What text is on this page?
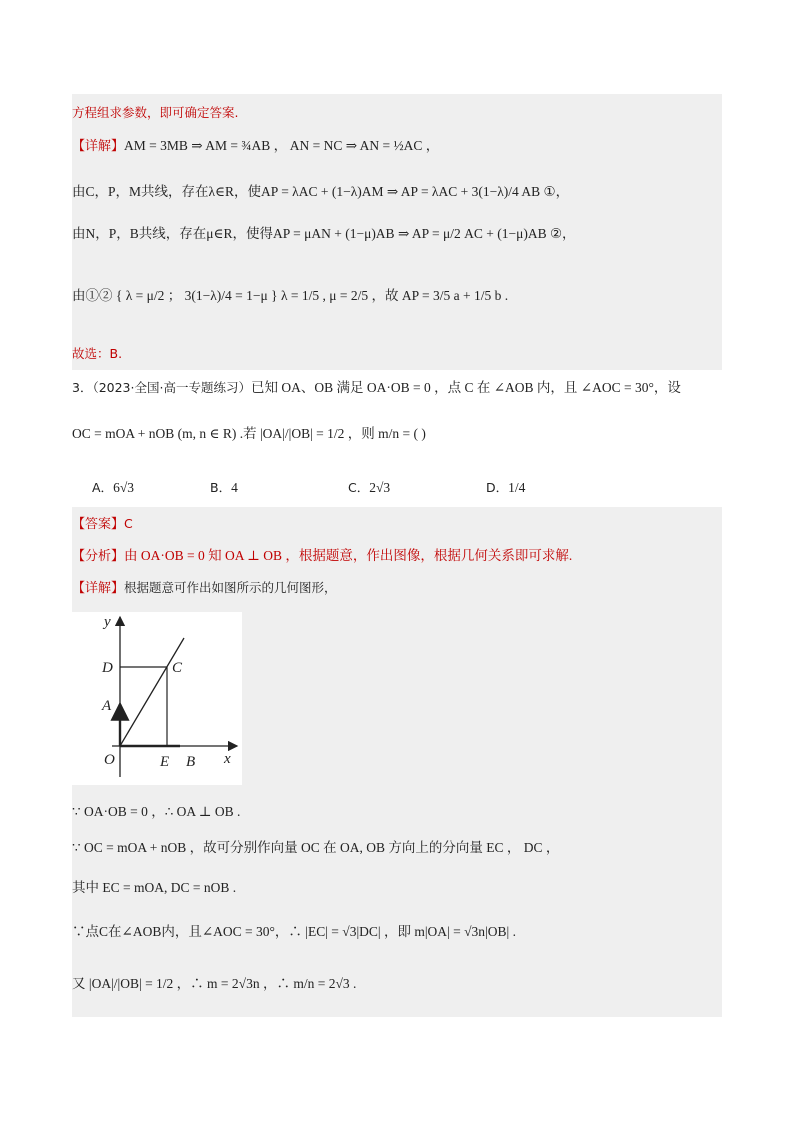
方程组求参数，即可确定答案.
【详解】AM = 3MB ⇒ AM = ¾AB ， AN = NC ⇒ AN = ½AC ，
由C，P，M共线，存在λ∈R，使AP = λAC + (1−λ)AM ⇒ AP = λAC + 3(1−λ)/4 AB ①，
由N，P，B共线，存在μ∈R，使得AP = μAN + (1−μ)AB ⇒ AP = μ/2 AC + (1−μ)AB ②，
由①② { λ = μ/2 ； 3(1−λ)/4 = 1−μ } λ = 1/5 , μ = 2/5 ，故 AP = 3/5 a + 1/5 b .
故选：B.
3．（2023·全国·高一专题练习）已知 OA、OB 满足 OA·OB = 0 ，点 C 在 ∠AOB 内，且 ∠AOC = 30°，设
OC = mOA + nOB (m, n ∈ R) .若 |OA|/|OB| = 1/2 ，则 m/n = ( )
A．6√3	B．4	C．2√3	D．1/4
【答案】C
【分析】由 OA·OB = 0 知 OA ⊥ OB ，根据题意，作出图像，根据几何关系即可求解.
【详解】根据题意可作出如图所示的几何图形，
y
x
D	C
A
O	E B
∵ OA·OB = 0 ，∴ OA ⊥ OB .
∵ OC = mOA + nOB ，故可分别作向量 OC 在 OA, OB 方向上的分向量 EC ， DC ，
其中 EC = mOA, DC = nOB .
∵点C在∠AOB内，且∠AOC = 30°，∴ |EC| = √3|DC| ，即 m|OA| = √3n|OB| .
又 |OA|/|OB| = 1/2 ，∴ m = 2√3n ，∴ m/n = 2√3 .
